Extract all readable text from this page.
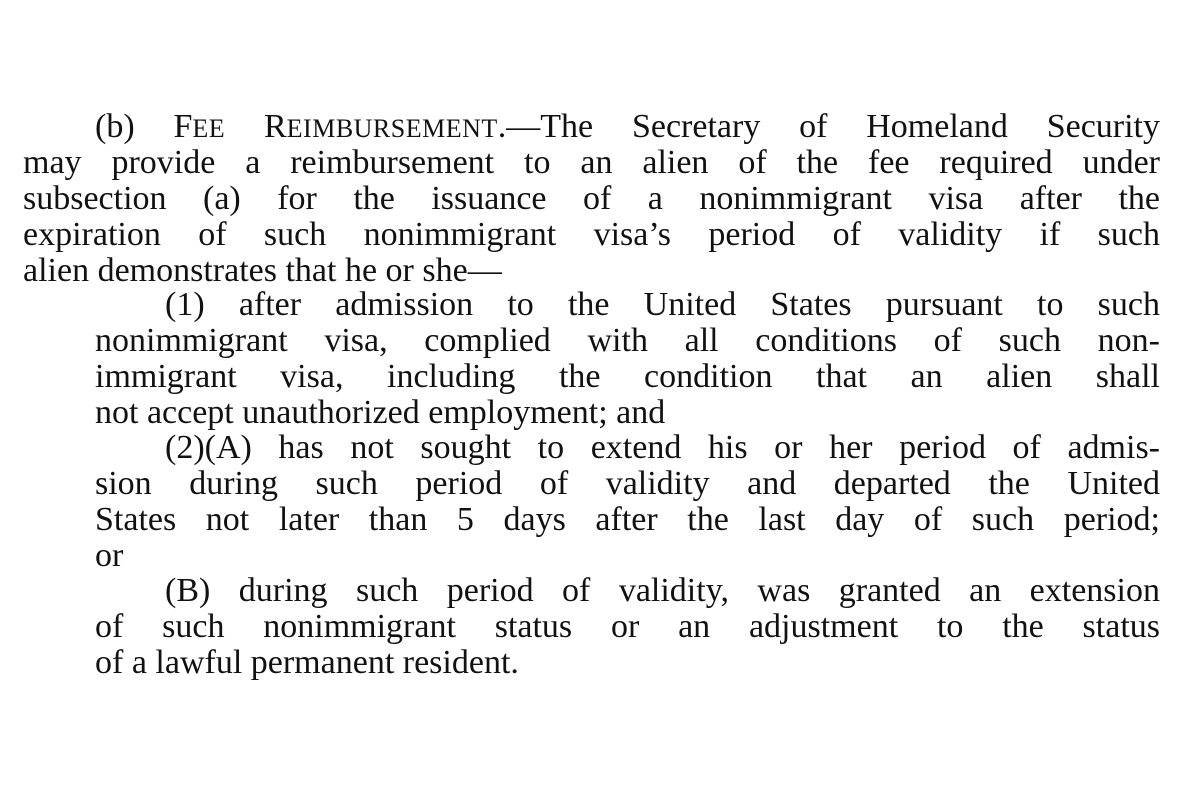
(b) FEE REIMBURSEMENT.—The Secretary of Homeland Security
may provide a reimbursement to an alien of the fee required under
subsection (a) for the issuance of a nonimmigrant visa after the
expiration of such nonimmigrant visa’s period of validity if such
alien demonstrates that he or she—
(1) after admission to the United States pursuant to such
nonimmigrant visa, complied with all conditions of such non-
immigrant visa, including the condition that an alien shall
not accept unauthorized employment; and
(2)(A) has not sought to extend his or her period of admis-
sion during such period of validity and departed the United
States not later than 5 days after the last day of such period;
or
(B) during such period of validity, was granted an extension
of such nonimmigrant status or an adjustment to the status
of a lawful permanent resident.
